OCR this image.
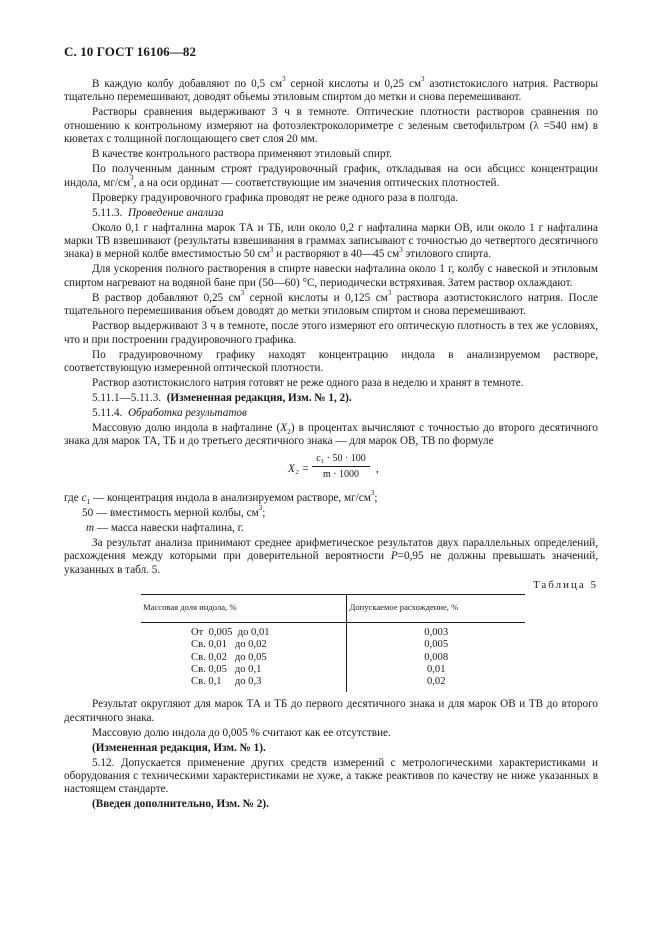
С. 10 ГОСТ 16106—82

В каждую колбу добавляют по 0,5 $см^3$ серной кислоты и 0,25 $см^3$ азотистокислого натрия. Растворы тщательно перемешивают, доводят объемы этиловым спиртом до метки и снова перемешивают.

Растворы сравнения выдерживают 3 ч в темноте. Оптические плотности растворов сравнения по отношению к контрольному измеряют на фотоэлектроколориметре с зеленым светофильтром (λ =540 нм) в кюветах с толщиной поглощающего свет слоя 20 мм.

В качестве контрольного раствора применяют этиловый спирт.

По полученным данным строят градуировочный график, откладывая на оси абсцисс концентрации индола, $мг/см^3$, а на оси ординат — соответствующие им значения оптических плотностей.

Проверку градуировочного графика проводят не реже одного раза в полгода.

5.11.3. Проведение анализа

Около 0,1 г нафталина марок ТА и ТБ, или около 0,2 г нафталина марки ОВ, или около 1 г нафталина марки ТВ взвешивают (результаты взвешивания в граммах записывают с точностью до четвертого десятичного знака) в мерной колбе вместимостью 50 $см^3$ и растворяют в 40—45 $см^3$ этилового спирта.

Для ускорения полного растворения в спирте навески нафталина около 1 г, колбу с навеской и этиловым спиртом нагревают на водяной бане при (50—60) °С, периодически встряхивая. Затем раствор охлаждают.

В раствор добавляют 0,25 $см^3$ серной кислоты и 0,125 $см^3$ раствора азотистокислого натрия. После тщательного перемешивания объем доводят до метки этиловым спиртом и снова перемешивают.

Раствор выдерживают 3 ч в темноте, после этого измеряют его оптическую плотность в тех же условиях, что и при построении градуировочного графика.

По градуировочному графику находят концентрацию индола в анализируемом растворе, соответствующую измеренной оптической плотности.

Раствор азотистокислого натрия готовят не реже одного раза в неделю и хранят в темноте.

5.11.1—5.11.3. (Измененная редакция, Изм. № 1, 2).

5.11.4. Обработка результатов

Массовую долю индола в нафталине $(X_2)$ в процентах вычисляют с точностью до второго десятичного знака для марок ТА, ТБ и до третьего десятичного знака — для марок ОВ, ТВ по формуле

$X_2 = \frac{\text{c₁ · 50 · 100}}{m \cdot 1000}$ ,

где $c_1$ — концентрация индола в анализируемом растворе, $мг/см^3$;

50 — вместимость мерной колбы, $см^3$;

m — масса навески нафталина, г.

За результат анализа принимают среднее арифметическое результатов двух параллельных определений, расхождения между которыми при доверительной вероятности P=0,95 не должны превышать значений, указанных в табл. 5.

Таблица 5

Массовая доля индола, %	Допускаемое расхождение, %
От  0,005  до 0,01	0,003
Св. 0,01   до 0,02	0,005
Св. 0,02   до 0,05	0,008
Св. 0,05   до 0,1	0,01
Св. 0,1     до 0,3	0,02

Результат округляют для марок ТА и ТБ до первого десятичного знака и для марок ОВ и ТВ до второго десятичного знака.

Массовую долю индола до 0,005 % считают как ее отсутствие.

(Измененная редакция, Изм. № 1).

5.12. Допускается применение других средств измерений с метрологическими характеристиками и оборудования с техническими характеристиками не хуже, а также реактивов по качеству не ниже указанных в настоящем стандарте.

(Введен дополнительно, Изм. № 2).
